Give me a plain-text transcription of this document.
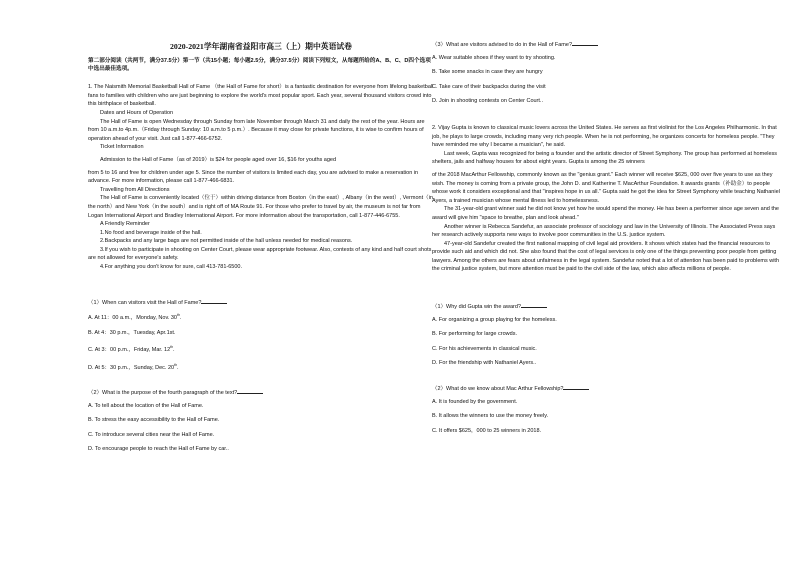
2020-2021学年湖南省益阳市高三（上）期中英语试卷
第二部分阅读（共两节，满分37.5分）第一节（共15小题；每小题2.5分，满分37.5分）阅读下列短文，从每题所给的A、B、C、D四个选项中选出最佳选项。

1. The Naismith Memorial Basketball Hall of Fame （the Hall of Fame for short）is a fantastic destination for everyone from lifelong basketball fans to families with children who are just beginning to explore the world's most popular sport. Each year, several thousand visitors crowd into this birthplace of basketball.

Dates and Hours of Operation

The Hall of Fame is open Wednesday through Sunday from late November through March 31 and daily the rest of the year. Hours are from 10 a.m.to 4p.m.（Friday through Sunday: 10 a.m.to 5 p.m.）. Because it may close for private functions, it is wise to confirm hours of operation ahead of your visit. Just call 1-877-466-6752.

Ticket Information

Admission to the Hall of Fame（as of 2019）is $24 for people aged over 16, $16 for youths aged

from 5 to 16 and free for children under age 5. Since the number of visitors is limited each day, you are advised to make a reservation in advance. For more information, please call 1-877-466-6831.

Travelling from All Directions

The Hall of Fame is conveniently located（位于）within driving distance from Boston（in the east）, Albany（in the west）, Vermont（in the north）and New York（in the south）and is right off of MA Route 91. For those who prefer to travel by air, the museum is not far from Logan International Airport and Bradley International Airport. For more information about the transportation, call 1-877-446-6755.

A Friendly Reminder

1.No food and beverage inside of the hall.

2.Backpacks and any large bags are not permitted inside of the hall unless needed for medical reasons.

3.If you wish to participate in shooting on Center Court, please wear appropriate footwear. Also, contests of any kind and half court shots are not allowed for everyone's safety.

4.For anything you don't know for sure, call 413-781-6500.

（1）When can visitors visit the Hall of Fame?

A. At 11：00 a.m.，Monday, Nov. 30th.

B. At 4：30 p.m.，Tuesday, Apr.1st.

C. At 3：00 p.m.，Friday, Mar. 12th.

D. At 5：30 p.m.，Sunday, Dec. 20th.

（2）What is the purpose of the fourth paragraph of the text?

A. To tell about the location of the Hall of Fame.

B. To stress the easy accessibility to the Hall of Fame.

C. To introduce several cities near the Hall of Fame.

D. To encourage people to reach the Hall of Fame by car..

（3）What are visitors advised to do in the Hall of Fame?

A. Wear suitable shoes if they want to try shooting.

B. Take some snacks in case they are hungry

C. Take care of their backpacks during the visit

D. Join in shooting contests on Center Court..

2. Vijay Gupta is known to classical music lovers across the United States. He serves as first violinist for the Los Angeles Philharmonic. In that job, he plays to large crowds, including many very rich people. When he is not performing, he organizes concerts for homeless people. "They have reminded me why I became a musician", he said.

Last week, Gupta was recognized for being a founder and the artistic director of Street Symphony. The group has performed at homeless shelters, jails and halfway houses for about eight years. Gupta is among the 25 winners

of the 2018 MacArthur Fellowship, commonly known as the "genius grant." Each winner will receive $625, 000 over five years to use as they wish. The money is coming from a private group, the John D. and Katherine T. MacArthur Foundation. It awards grants（补助金）to people whose work it considers exceptional and that "inspires hope in us all." Gupta said he got the idea for Street Symphony while teaching Nathaniel Ayers, a trained musician whose mental illness led to homelessness.

The 31-year-old grant winner said he did not know yet how he would spend the money. He has been a performer since age seven and the award will give him "space to breathe, plan and look ahead."

Another winner is Rebecca Sandefur, an associate professor of sociology and law in the University of Illinois. The Associated Press says her research actively supports new ways to involve poor communities in the U.S. justice system.

47-year-old Sandefur created the first national mapping of civil legal aid providers. It shows which states had the financial resources to provide such aid and which did not. She also found that the cost of legal services is only one of the things preventing poor people from getting lawyers. Among the others are fears about unfairness in the legal system. Sandefur noted that a lot of attention has been paid to problems with the criminal justice system, but more attention must be paid to the civil side of the law, which also affects millions of people.

（1）Why did Gupta win the award?

A. For organizing a group playing for the homeless.

B. For performing for large crowds.

C. For his achievements in classical music.

D. For the friendship with Nathaniel Ayers..

（2）What do we know about Mac Arthur Fellowship?

A. It is founded by the government.

B. It allows the winners to use the money freely.

C. It offers $625，000 to 25 winners in 2018.
